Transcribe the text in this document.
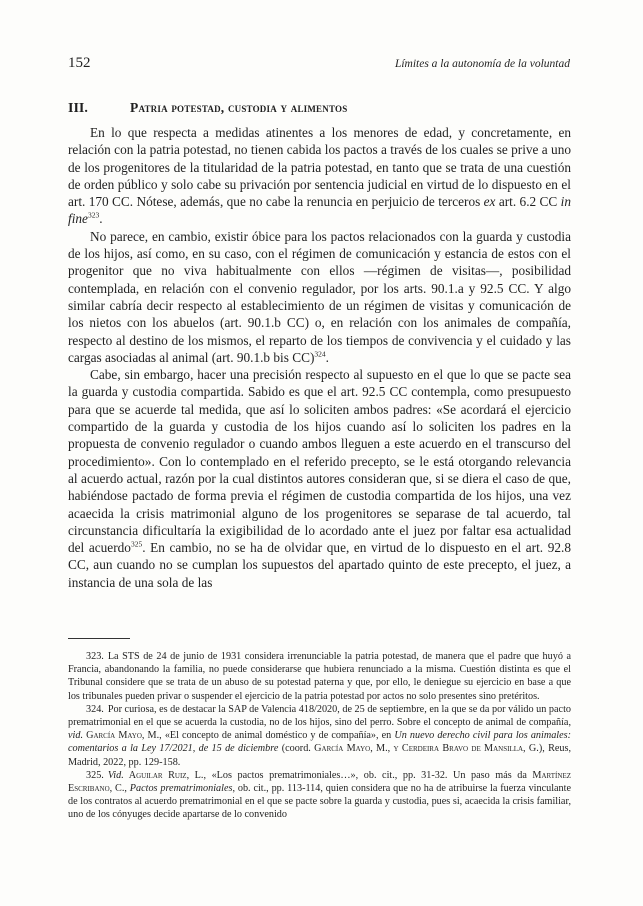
152	Límites a la autonomía de la voluntad
III.	Patria potestad, custodia y alimentos

En lo que respecta a medidas atinentes a los menores de edad, y concretamente, en relación con la patria potestad, no tienen cabida los pactos a través de los cuales se prive a uno de los progenitores de la titularidad de la patria potestad, en tanto que se trata de una cuestión de orden público y solo cabe su privación por sentencia judicial en virtud de lo dispuesto en el art. 170 CC. Nótese, además, que no cabe la renuncia en perjuicio de terceros ex art. 6.2 CC in fine$^{323}$.

No parece, en cambio, existir óbice para los pactos relacionados con la guarda y custodia de los hijos, así como, en su caso, con el régimen de comunicación y estancia de estos con el progenitor que no viva habitualmente con ellos —régimen de visitas—, posibilidad contemplada, en relación con el convenio regulador, por los arts. 90.1.a y 92.5 CC. Y algo similar cabría decir respecto al establecimiento de un régimen de visitas y comunicación de los nietos con los abuelos (art. 90.1.b CC) o, en relación con los animales de compañía, respecto al destino de los mismos, el reparto de los tiempos de convivencia y el cuidado y las cargas asociadas al animal (art. 90.1.b bis CC)$^{324}$.

Cabe, sin embargo, hacer una precisión respecto al supuesto en el que lo que se pacte sea la guarda y custodia compartida. Sabido es que el art. 92.5 CC contempla, como presupuesto para que se acuerde tal medida, que así lo soliciten ambos padres: «Se acordará el ejercicio compartido de la guarda y custodia de los hijos cuando así lo soliciten los padres en la propuesta de convenio regulador o cuando ambos lleguen a este acuerdo en el transcurso del procedimiento». Con lo contemplado en el referido precepto, se le está otorgando relevancia al acuerdo actual, razón por la cual distintos autores consideran que, si se diera el caso de que, habiéndose pactado de forma previa el régimen de custodia compartida de los hijos, una vez acaecida la crisis matrimonial alguno de los progenitores se separase de tal acuerdo, tal circunstancia dificultaría la exigibilidad de lo acordado ante el juez por faltar esa actualidad del acuerdo$^{325}$. En cambio, no se ha de olvidar que, en virtud de lo dispuesto en el art. 92.8 CC, aun cuando no se cumplan los supuestos del apartado quinto de este precepto, el juez, a instancia de una sola de las

323. La STS de 24 de junio de 1931 considera irrenunciable la patria potestad, de manera que el padre que huyó a Francia, abandonando la familia, no puede considerarse que hubiera renunciado a la misma. Cuestión distinta es que el Tribunal considere que se trata de un abuso de su potestad paterna y que, por ello, le deniegue su ejercicio en base a que los tribunales pueden privar o suspender el ejercicio de la patria potestad por actos no solo presentes sino pretéritos.

324. Por curiosa, es de destacar la SAP de Valencia 418/2020, de 25 de septiembre, en la que se da por válido un pacto prematrimonial en el que se acuerda la custodia, no de los hijos, sino del perro. Sobre el concepto de animal de compañía, vid. García Mayo, M., «El concepto de animal doméstico y de compañía», en Un nuevo derecho civil para los animales: comentarios a la Ley 17/2021, de 15 de diciembre (coord. García Mayo, M., y Cerdeira Bravo de Mansilla, G.), Reus, Madrid, 2022, pp. 129-158.

325. Vid. Aguilar Ruiz, L., «Los pactos prematrimoniales…», ob. cit., pp. 31-32. Un paso más da Martínez Escribano, C., Pactos prematrimoniales, ob. cit., pp. 113-114, quien considera que no ha de atribuirse la fuerza vinculante de los contratos al acuerdo prematrimonial en el que se pacte sobre la guarda y custodia, pues si, acaecida la crisis familiar, uno de los cónyuges decide apartarse de lo convenido
